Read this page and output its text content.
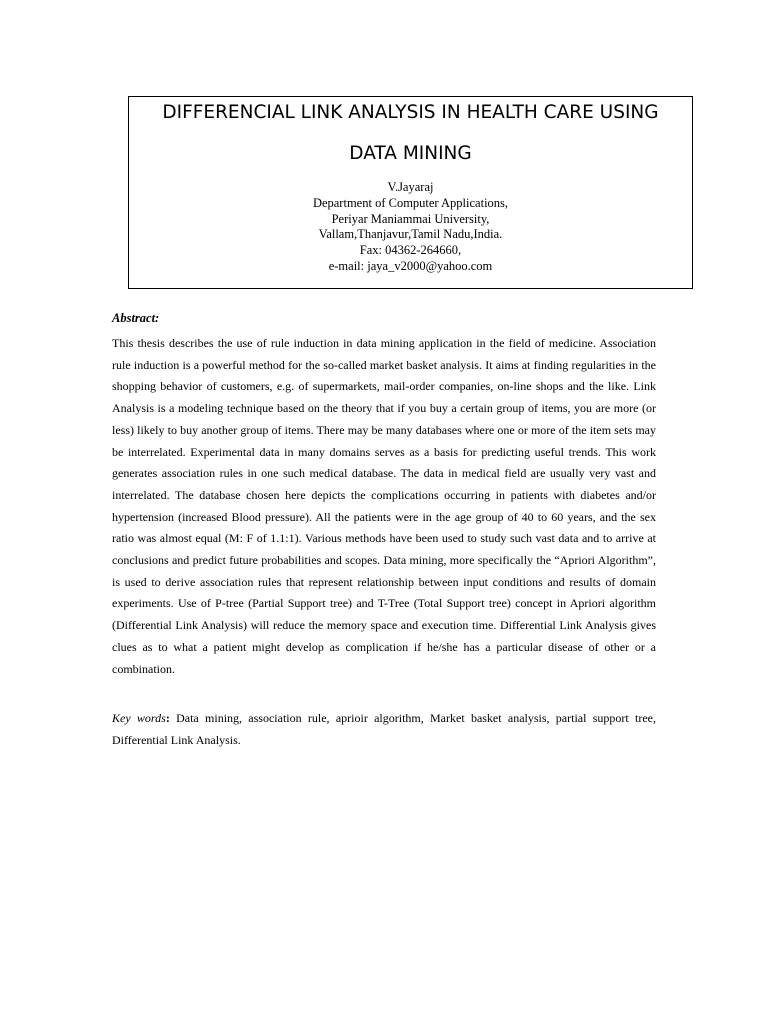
DIFFERENCIAL LINK ANALYSIS IN HEALTH CARE USING
DATA MINING
V.Jayaraj
Department of Computer Applications,
Periyar Maniammai University,
Vallam,Thanjavur,Tamil Nadu,India.
Fax: 04362-264660,
e-mail: jaya_v2000@yahoo.com
Abstract:

This thesis describes the use of rule induction in data mining application in the field of medicine. Association rule induction is a powerful method for the so-called market basket analysis. It aims at finding regularities in the shopping behavior of customers, e.g. of supermarkets, mail-order companies, on-line shops and the like. Link Analysis is a modeling technique based on the theory that if you buy a certain group of items, you are more (or less) likely to buy another group of items. There may be many databases where one or more of the item sets may be interrelated. Experimental data in many domains serves as a basis for predicting useful trends. This work generates association rules in one such medical database. The data in medical field are usually very vast and interrelated. The database chosen here depicts the complications occurring in patients with diabetes and/or hypertension (increased Blood pressure). All the patients were in the age group of 40 to 60 years, and the sex ratio was almost equal (M: F of 1.1:1). Various methods have been used to study such vast data and to arrive at conclusions and predict future probabilities and scopes. Data mining, more specifically the “Apriori Algorithm”, is used to derive association rules that represent relationship between input conditions and results of domain experiments. Use of P-tree (Partial Support tree) and T-Tree (Total Support tree) concept in Apriori algorithm (Differential Link Analysis) will reduce the memory space and execution time. Differential Link Analysis gives clues as to what a patient might develop as complication if he/she has a particular disease of other or a combination.

Key words: Data mining, association rule, aprioir algorithm, Market basket analysis, partial support tree, Differential Link Analysis.
